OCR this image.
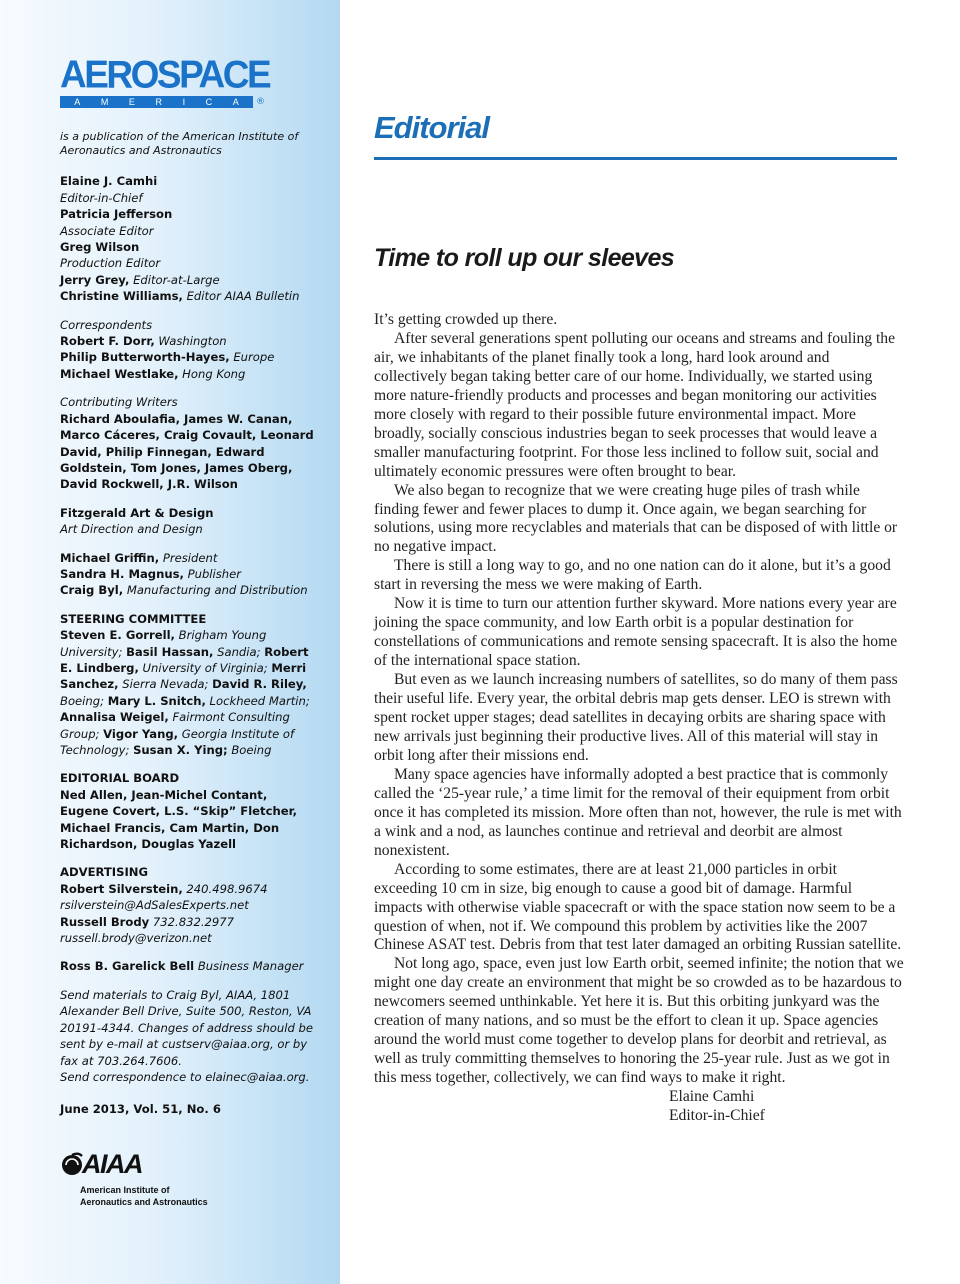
AEROSPACE
A M E R I C A ®
is a publication of the American Institute of Aeronautics and Astronautics
Elaine J. Camhi
Editor-in-Chief
Patricia Jefferson
Associate Editor
Greg Wilson
Production Editor
Jerry Grey, Editor-at-Large
Christine Williams, Editor AIAA Bulletin
Correspondents
Robert F. Dorr, Washington
Philip Butterworth-Hayes, Europe
Michael Westlake, Hong Kong
Contributing Writers
Richard Aboulafia, James W. Canan, Marco Cáceres, Craig Covault, Leonard David, Philip Finnegan, Edward Goldstein, Tom Jones, James Oberg, David Rockwell, J.R. Wilson
Fitzgerald Art & Design
Art Direction and Design
Michael Griffin, President
Sandra H. Magnus, Publisher
Craig Byl, Manufacturing and Distribution
STEERING COMMITTEE
Steven E. Gorrell, Brigham Young University; Basil Hassan, Sandia; Robert E. Lindberg, University of Virginia; Merri Sanchez, Sierra Nevada; David R. Riley, Boeing; Mary L. Snitch, Lockheed Martin; Annalisa Weigel, Fairmont Consulting Group; Vigor Yang, Georgia Institute of Technology; Susan X. Ying; Boeing
EDITORIAL BOARD
Ned Allen, Jean-Michel Contant, Eugene Covert, L.S. “Skip” Fletcher, Michael Francis, Cam Martin, Don Richardson, Douglas Yazell
ADVERTISING
Robert Silverstein, 240.498.9674
rsilverstein@AdSalesExperts.net
Russell Brody 732.832.2977
russell.brody@verizon.net
Ross B. Garelick Bell Business Manager
Send materials to Craig Byl, AIAA, 1801 Alexander Bell Drive, Suite 500, Reston, VA 20191-4344. Changes of address should be sent by e-mail at custserv@aiaa.org, or by fax at 703.264.7606.
Send correspondence to elainec@aiaa.org.
June 2013, Vol. 51, No. 6
AIAA
American Institute of
Aeronautics and Astronautics
Editorial
Time to roll up our sleeves

It’s getting crowded up there.

After several generations spent polluting our oceans and streams and fouling the air, we inhabitants of the planet finally took a long, hard look around and collectively began taking better care of our home. Individually, we started using more nature-friendly products and processes and began monitoring our activities more closely with regard to their possible future environmental impact. More broadly, socially conscious industries began to seek processes that would leave a smaller manufacturing footprint. For those less inclined to follow suit, social and ultimately economic pressures were often brought to bear.

We also began to recognize that we were creating huge piles of trash while finding fewer and fewer places to dump it. Once again, we began searching for solutions, using more recyclables and materials that can be disposed of with little or no negative impact.

There is still a long way to go, and no one nation can do it alone, but it’s a good start in reversing the mess we were making of Earth.

Now it is time to turn our attention further skyward. More nations every year are joining the space community, and low Earth orbit is a popular destination for constellations of communications and remote sensing spacecraft. It is also the home of the international space station.

But even as we launch increasing numbers of satellites, so do many of them pass their useful life. Every year, the orbital debris map gets denser. LEO is strewn with spent rocket upper stages; dead satellites in decaying orbits are sharing space with new arrivals just beginning their productive lives. All of this material will stay in orbit long after their missions end.

Many space agencies have informally adopted a best practice that is commonly called the ‘25-year rule,’ a time limit for the removal of their equipment from orbit once it has completed its mission. More often than not, however, the rule is met with a wink and a nod, as launches continue and retrieval and deorbit are almost nonexistent.

According to some estimates, there are at least 21,000 particles in orbit exceeding 10 cm in size, big enough to cause a good bit of damage. Harmful impacts with otherwise viable spacecraft or with the space station now seem to be a question of when, not if. We compound this problem by activities like the 2007 Chinese ASAT test. Debris from that test later damaged an orbiting Russian satellite.

Not long ago, space, even just low Earth orbit, seemed infinite; the notion that we might one day create an environment that might be so crowded as to be hazardous to newcomers seemed unthinkable. Yet here it is. But this orbiting junkyard was the creation of many nations, and so must be the effort to clean it up. Space agencies around the world must come together to develop plans for deorbit and retrieval, as well as truly committing themselves to honoring the 25-year rule. Just as we got in this mess together, collectively, we can find ways to make it right.

Elaine Camhi
Editor-in-Chief
